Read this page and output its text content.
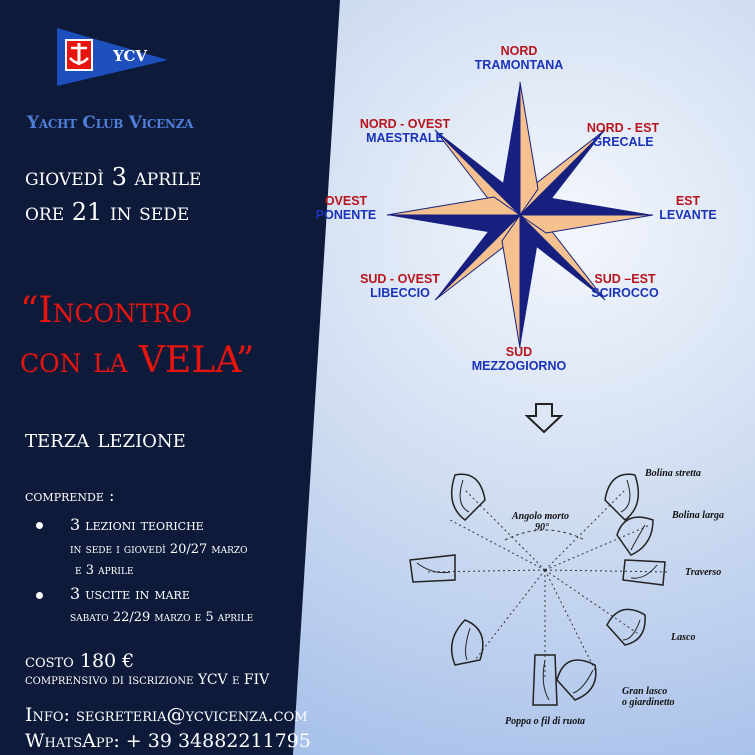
YCV
Yacht Club Vicenza
giovedì 3 aprile
ore 21 in sede
“Incontro
con la VELA”
terza lezione
comprende :
3 lezioni teoriche
in sede i giovedì 20/27 marzo
e 3 aprile
3 uscite in mare
sabato 22/29 marzo e 5 aprile
costo 180 €
comprensivo di iscrizione YCV e FIV
Info: segreteria@ycvicenza.com
WhatsApp: + 39 34882211795
NORD
TRAMONTANA
NORD - OVEST
MAESTRALE
NORD - EST
GRECALE
OVEST
PONENTE
EST
LEVANTE
SUD - OVEST
LIBECCIO
SUD –EST
SCIROCCO
SUD
MEZZOGIORNO
Angolo morto
90°
Bolina stretta
Bolina larga
Traverso
Lasco
Gran lasco
o giardinetto
Poppa o fil di ruota
